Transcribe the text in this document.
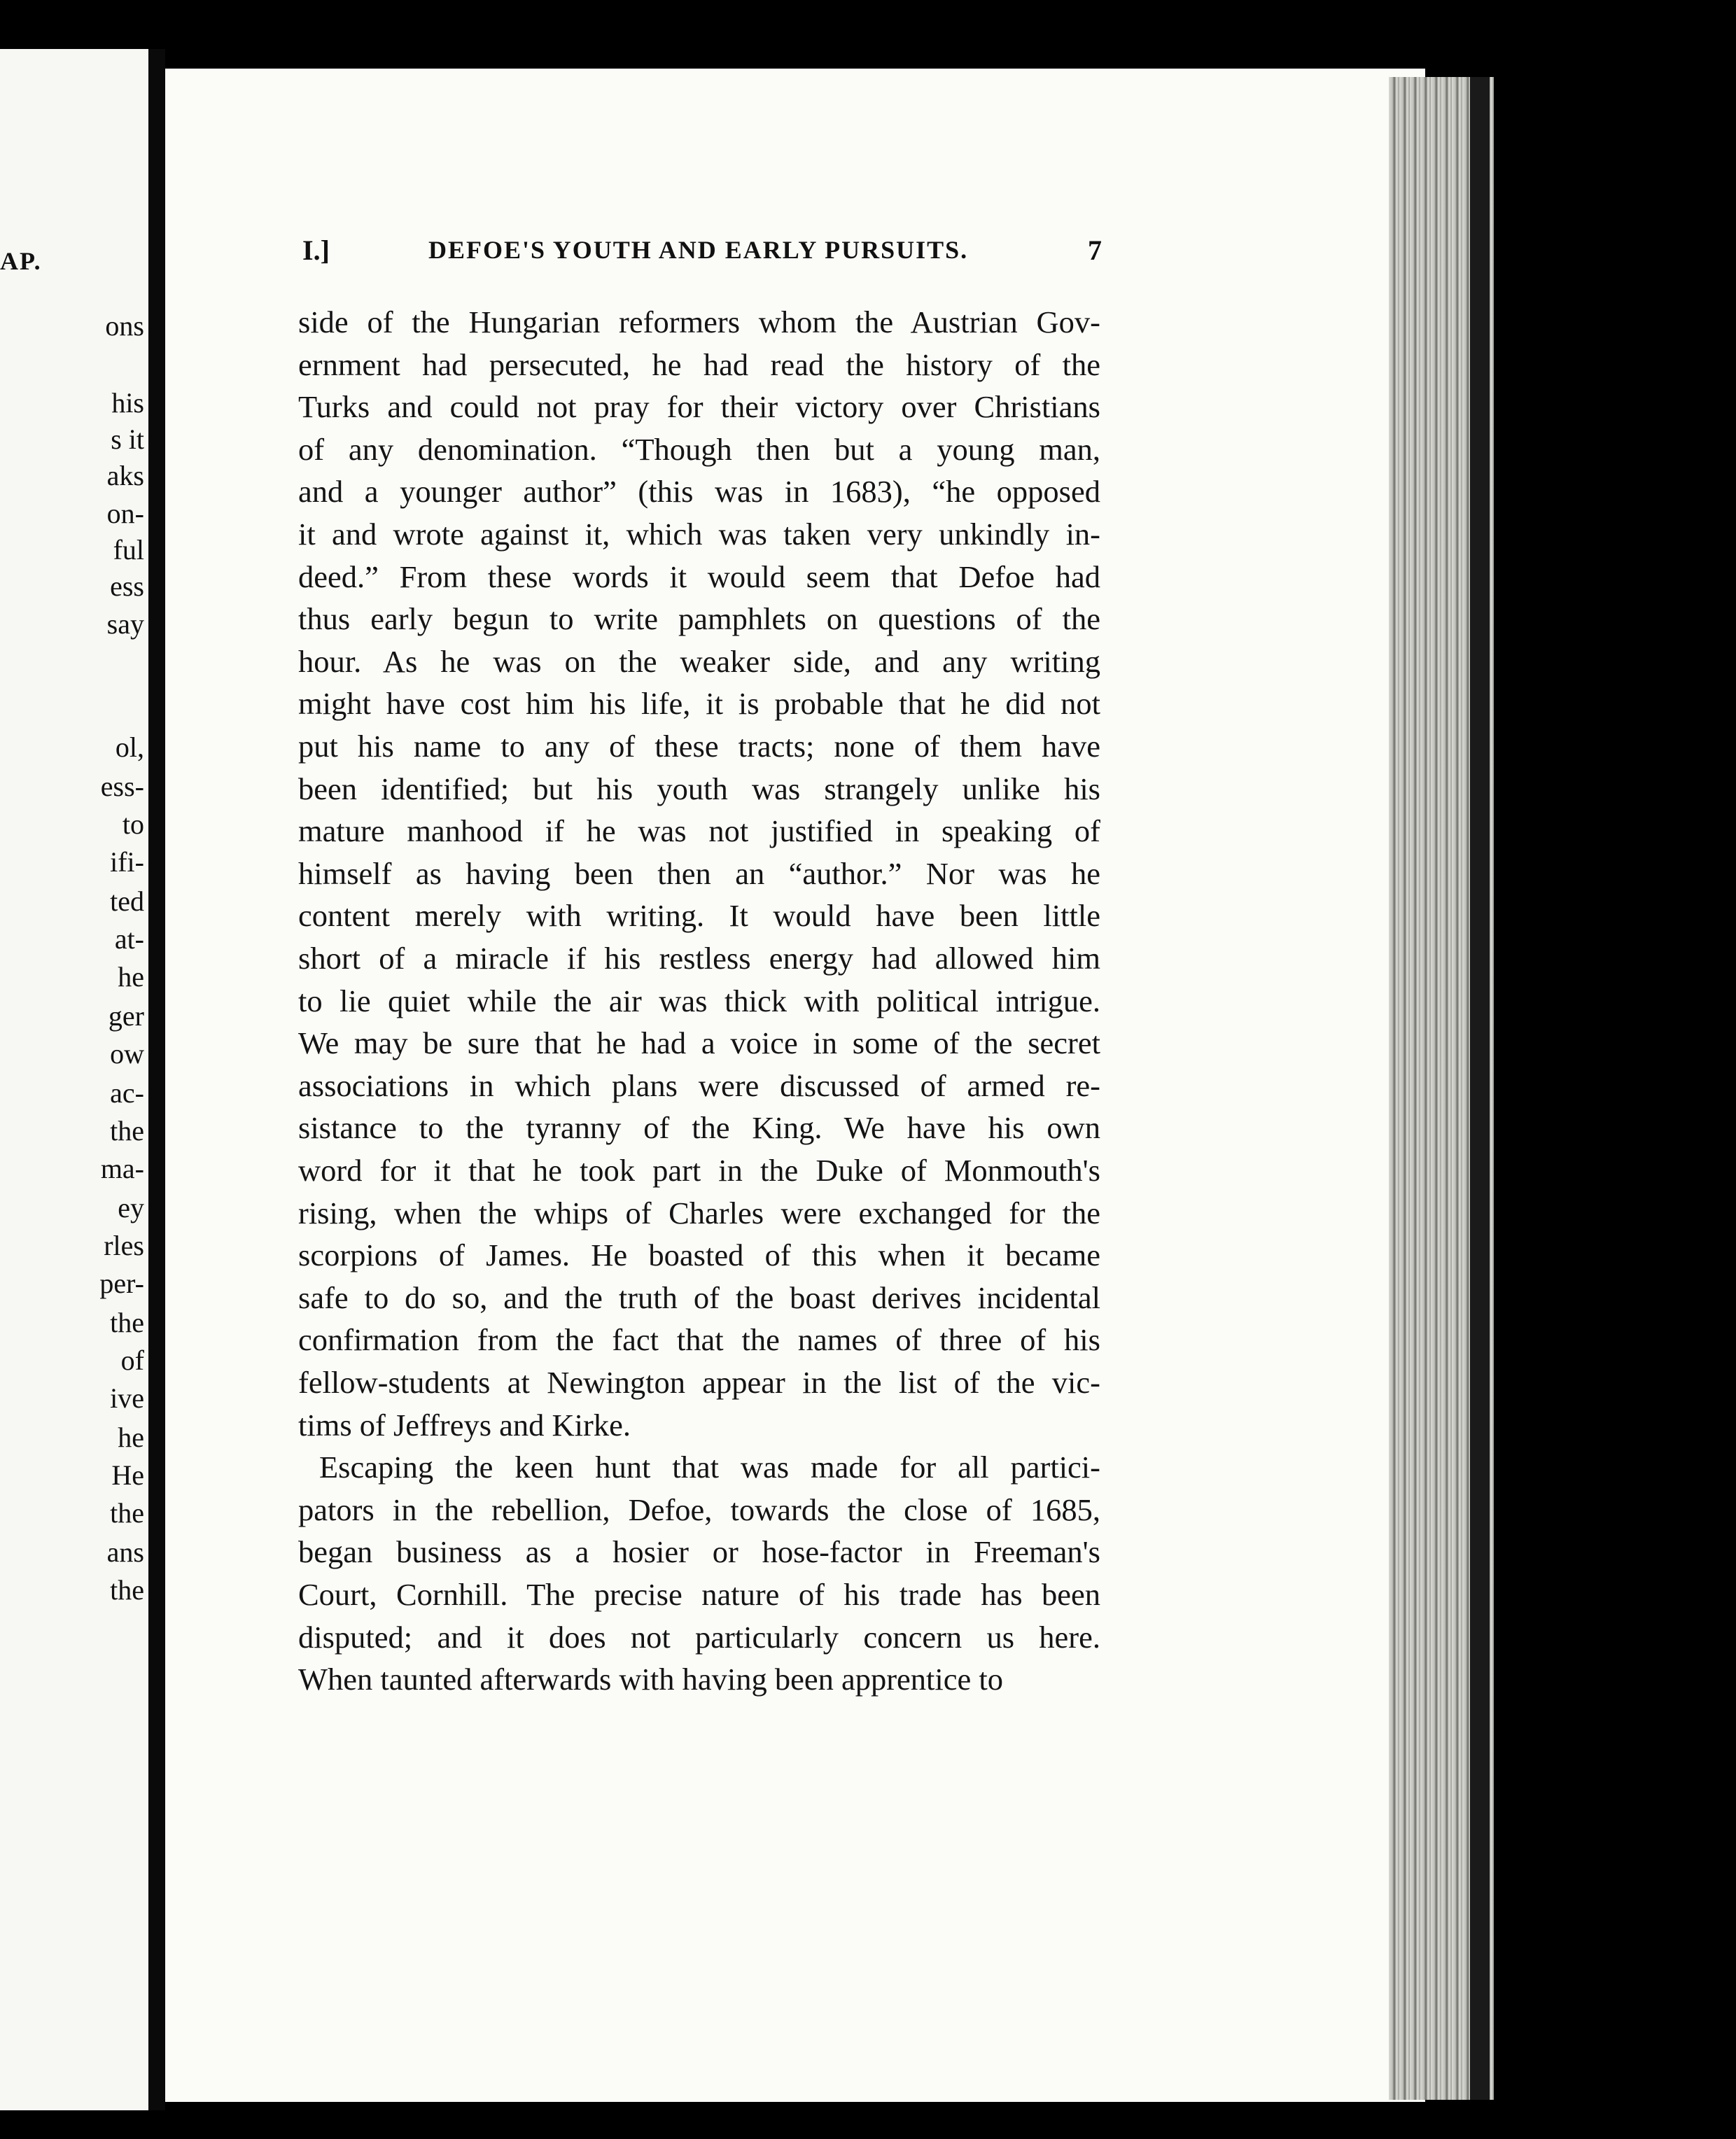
AP.
ons
his
s it
aks
on-
ful
ess
say
ol,
ess-
to
ifi-
ted
at-
he
ger
ow
ac-
the
ma-
ey
rles
per-
the
of
ive
he
He
the
ans
the
I.]	DEFOE'S YOUTH AND EARLY PURSUITS.	7
side of the Hungarian reformers whom the Austrian Gov-
ernment had persecuted, he had read the history of the
Turks and could not pray for their victory over Christians
of any denomination. “Though then but a young man,
and a younger author” (this was in 1683), “he opposed
it and wrote against it, which was taken very unkindly in-
deed.” From these words it would seem that Defoe had
thus early begun to write pamphlets on questions of the
hour. As he was on the weaker side, and any writing
might have cost him his life, it is probable that he did not
put his name to any of these tracts; none of them have
been identified; but his youth was strangely unlike his
mature manhood if he was not justified in speaking of
himself as having been then an “author.” Nor was he
content merely with writing. It would have been little
short of a miracle if his restless energy had allowed him
to lie quiet while the air was thick with political intrigue.
We may be sure that he had a voice in some of the secret
associations in which plans were discussed of armed re-
sistance to the tyranny of the King. We have his own
word for it that he took part in the Duke of Monmouth's
rising, when the whips of Charles were exchanged for the
scorpions of James. He boasted of this when it became
safe to do so, and the truth of the boast derives incidental
confirmation from the fact that the names of three of his
fellow-students at Newington appear in the list of the vic-
tims of Jeffreys and Kirke.
Escaping the keen hunt that was made for all partici-
pators in the rebellion, Defoe, towards the close of 1685,
began business as a hosier or hose-factor in Freeman's
Court, Cornhill. The precise nature of his trade has been
disputed; and it does not particularly concern us here.
When taunted afterwards with having been apprentice to
